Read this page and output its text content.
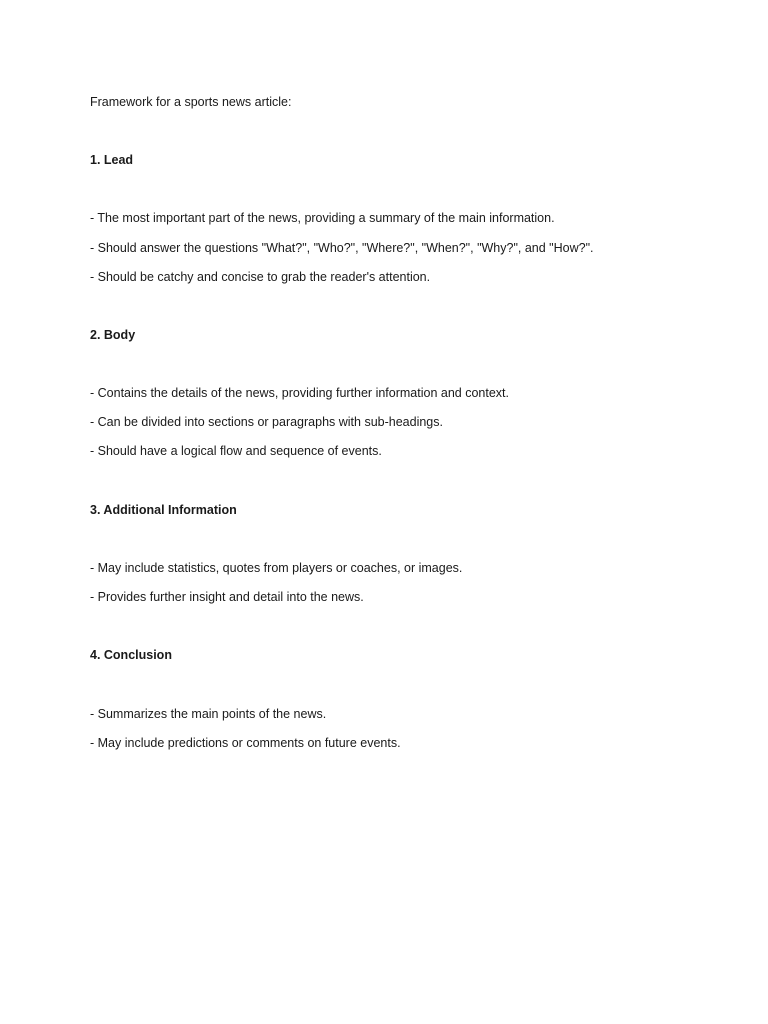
Framework for a sports news article:

1. Lead

- The most important part of the news, providing a summary of the main information.

- Should answer the questions "What?", "Who?", "Where?", "When?", "Why?", and "How?".

- Should be catchy and concise to grab the reader's attention.

2. Body

- Contains the details of the news, providing further information and context.

- Can be divided into sections or paragraphs with sub-headings.

- Should have a logical flow and sequence of events.

3. Additional Information

- May include statistics, quotes from players or coaches, or images.

- Provides further insight and detail into the news.

4. Conclusion

- Summarizes the main points of the news.

- May include predictions or comments on future events.
